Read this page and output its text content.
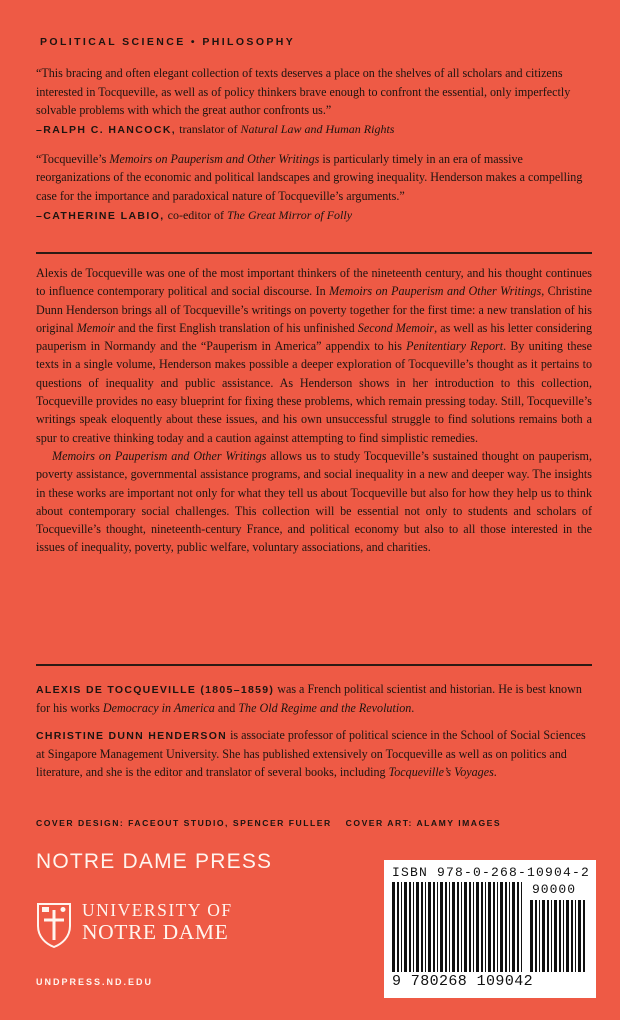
POLITICAL SCIENCE • PHILOSOPHY

“This bracing and often elegant collection of texts deserves a place on the shelves of all scholars and citizens interested in Tocqueville, as well as of policy thinkers brave enough to confront the essential, only imperfectly solvable problems with which the great author confronts us.”

–RALPH C. HANCOCK, translator of Natural Law and Human Rights

“Tocqueville’s Memoirs on Pauperism and Other Writings is particularly timely in an era of massive reorganizations of the economic and political landscapes and growing inequality. Henderson makes a compelling case for the importance and paradoxical nature of Tocqueville’s arguments.”

–CATHERINE LABIO, co-editor of The Great Mirror of Folly

Alexis de Tocqueville was one of the most important thinkers of the nineteenth century, and his thought continues to influence contemporary political and social discourse. In Memoirs on Pauperism and Other Writings, Christine Dunn Henderson brings all of Tocqueville’s writings on poverty together for the first time: a new translation of his original Memoir and the first English translation of his unfinished Second Memoir, as well as his letter considering pauperism in Normandy and the “Pauperism in America” appendix to his Penitentiary Report. By uniting these texts in a single volume, Henderson makes possible a deeper exploration of Tocqueville’s thought as it pertains to questions of inequality and public assistance. As Henderson shows in her introduction to this collection, Tocqueville provides no easy blueprint for fixing these problems, which remain pressing today. Still, Tocqueville’s writings speak eloquently about these issues, and his own unsuccessful struggle to find solutions remains both a spur to creative thinking today and a caution against attempting to find simplistic remedies.

Memoirs on Pauperism and Other Writings allows us to study Tocqueville’s sustained thought on pauperism, poverty assistance, governmental assistance programs, and social inequality in a new and deeper way. The insights in these works are important not only for what they tell us about Tocqueville but also for how they help us to think about contemporary social challenges. This collection will be essential not only to students and scholars of Tocqueville’s thought, nineteenth-century France, and political economy but also to all those interested in the issues of inequality, poverty, public welfare, voluntary associations, and charities.

ALEXIS DE TOCQUEVILLE (1805–1859) was a French political scientist and historian. He is best known for his works Democracy in America and The Old Regime and the Revolution.

CHRISTINE DUNN HENDERSON is associate professor of political science in the School of Social Sciences at Singapore Management University. She has published extensively on Tocqueville as well as on politics and literature, and she is the editor and translator of several books, including Tocqueville’s Voyages.

COVER DESIGN: FACEOUT STUDIO, SPENCER FULLER COVER ART: ALAMY IMAGES
NOTRE DAME PRESS
UNIVERSITY OF
NOTRE DAME
UNDPRESS.ND.EDU
ISBN 978-0-268-10904-2
90000
9 780268 109042
